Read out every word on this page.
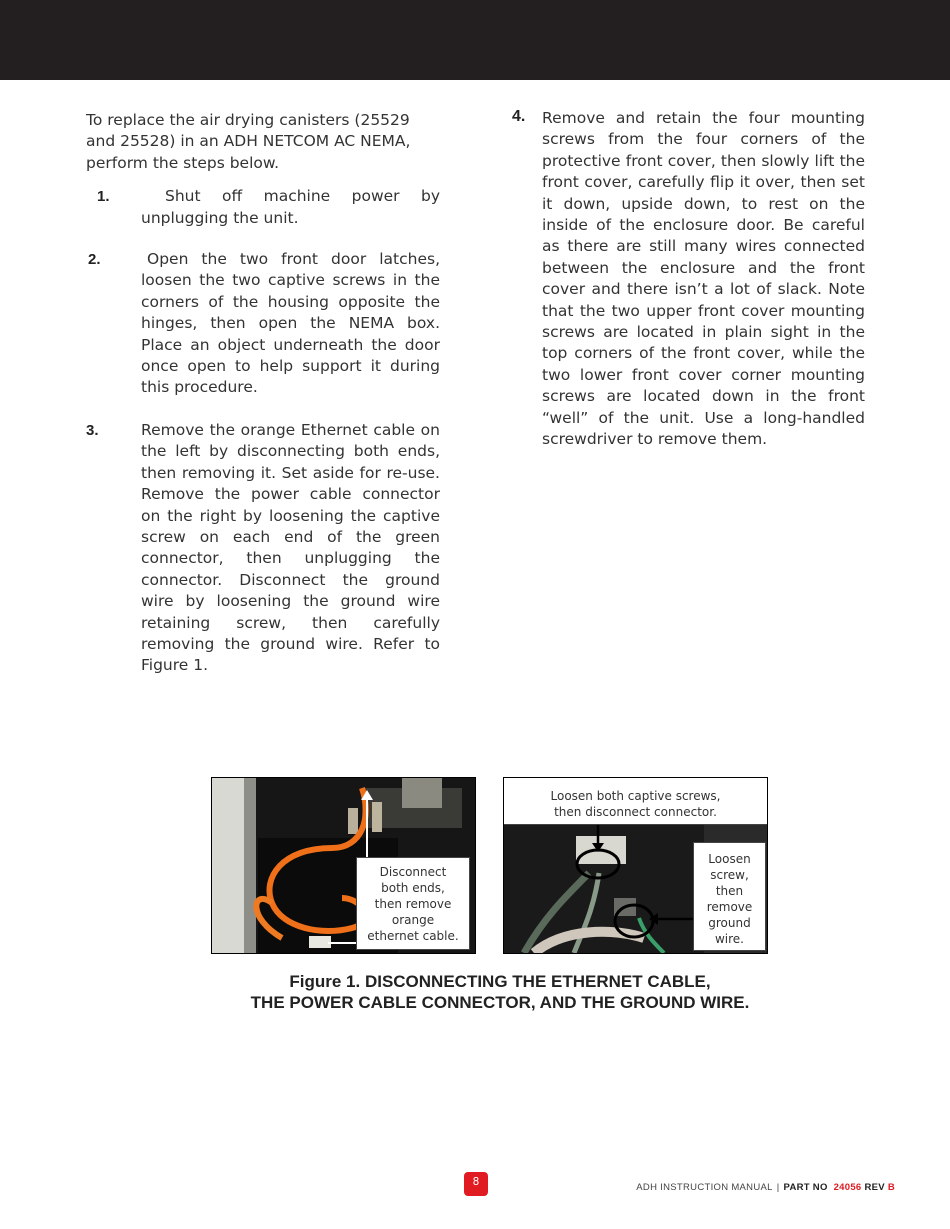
To replace the air drying canisters (25529 and 25528) in an ADH NETCOM AC NEMA, perform the steps below.

1.	Shut off machine power by unplugging the unit.

2.	Open the two front door latches, loosen the two captive screws in the corners of the housing opposite the hinges, then open the NEMA box. Place an object underneath the door once open to help support it during this procedure.

3.	Remove the orange Ethernet cable on the left by disconnecting both ends, then removing it. Set aside for re-use. Remove the power cable connector on the right by loosening the captive screw on each end of the green connector, then unplugging the connector. Disconnect the ground wire by loosening the ground wire retaining screw, then carefully removing the ground wire. Refer to Figure 1.

4.	Remove and retain the four mounting screws from the four corners of the protective front cover, then slowly lift the front cover, carefully flip it over, then set it down, upside down, to rest on the inside of the enclosure door. Be careful as there are still many wires connected between the enclosure and the front cover and there isn’t a lot of slack. Note that the two upper front cover mounting screws are located in plain sight in the top corners of the front cover, while the two lower front cover corner mounting screws are located down in the front “well” of the unit. Use a long-handled screwdriver to remove them.

Disconnect
both ends,
then remove
orange
ethernet cable.
Loosen both captive screws,
then disconnect connector.
Loosen
screw,
then
remove
ground
wire.
Figure 1. DISCONNECTING THE ETHERNET CABLE,
THE POWER CABLE CONNECTOR, AND THE GROUND WIRE.
8	ADH INSTRUCTION MANUAL | PART NO 24056 REV B
